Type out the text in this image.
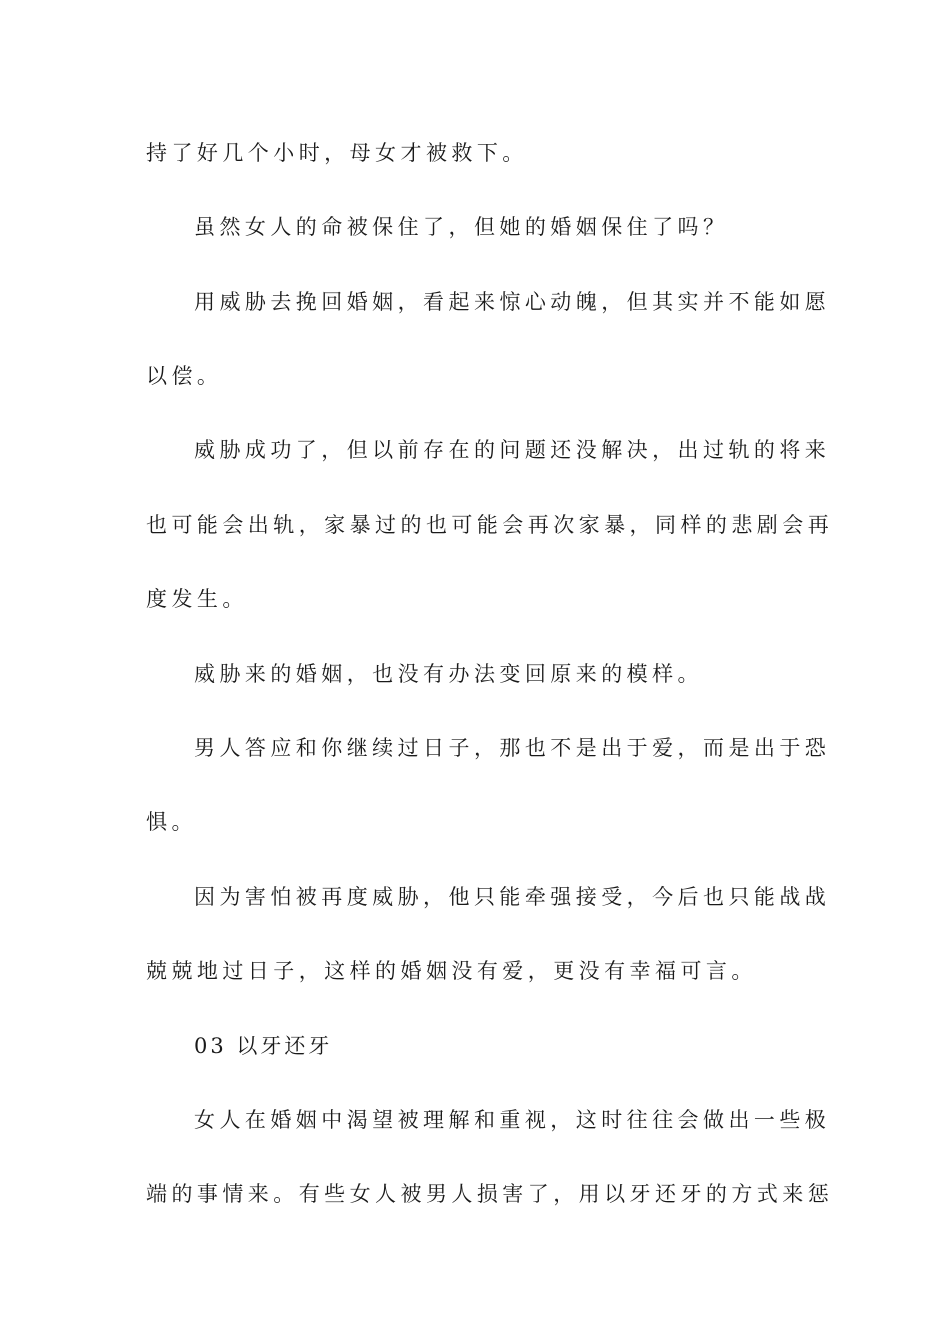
持了好几个小时，母女才被救下。

虽然女人的命被保住了，但她的婚姻保住了吗？

用威胁去挽回婚姻，看起来惊心动魄，但其实并不能如愿

以偿。

威胁成功了，但以前存在的问题还没解决，出过轨的将来

也可能会出轨，家暴过的也可能会再次家暴，同样的悲剧会再

度发生。

威胁来的婚姻，也没有办法变回原来的模样。

男人答应和你继续过日子，那也不是出于爱，而是出于恐

惧。

因为害怕被再度威胁，他只能牵强接受，今后也只能战战

兢兢地过日子，这样的婚姻没有爱，更没有幸福可言。

03 以牙还牙

女人在婚姻中渴望被理解和重视，这时往往会做出一些极

端的事情来。有些女人被男人损害了，用以牙还牙的方式来惩
